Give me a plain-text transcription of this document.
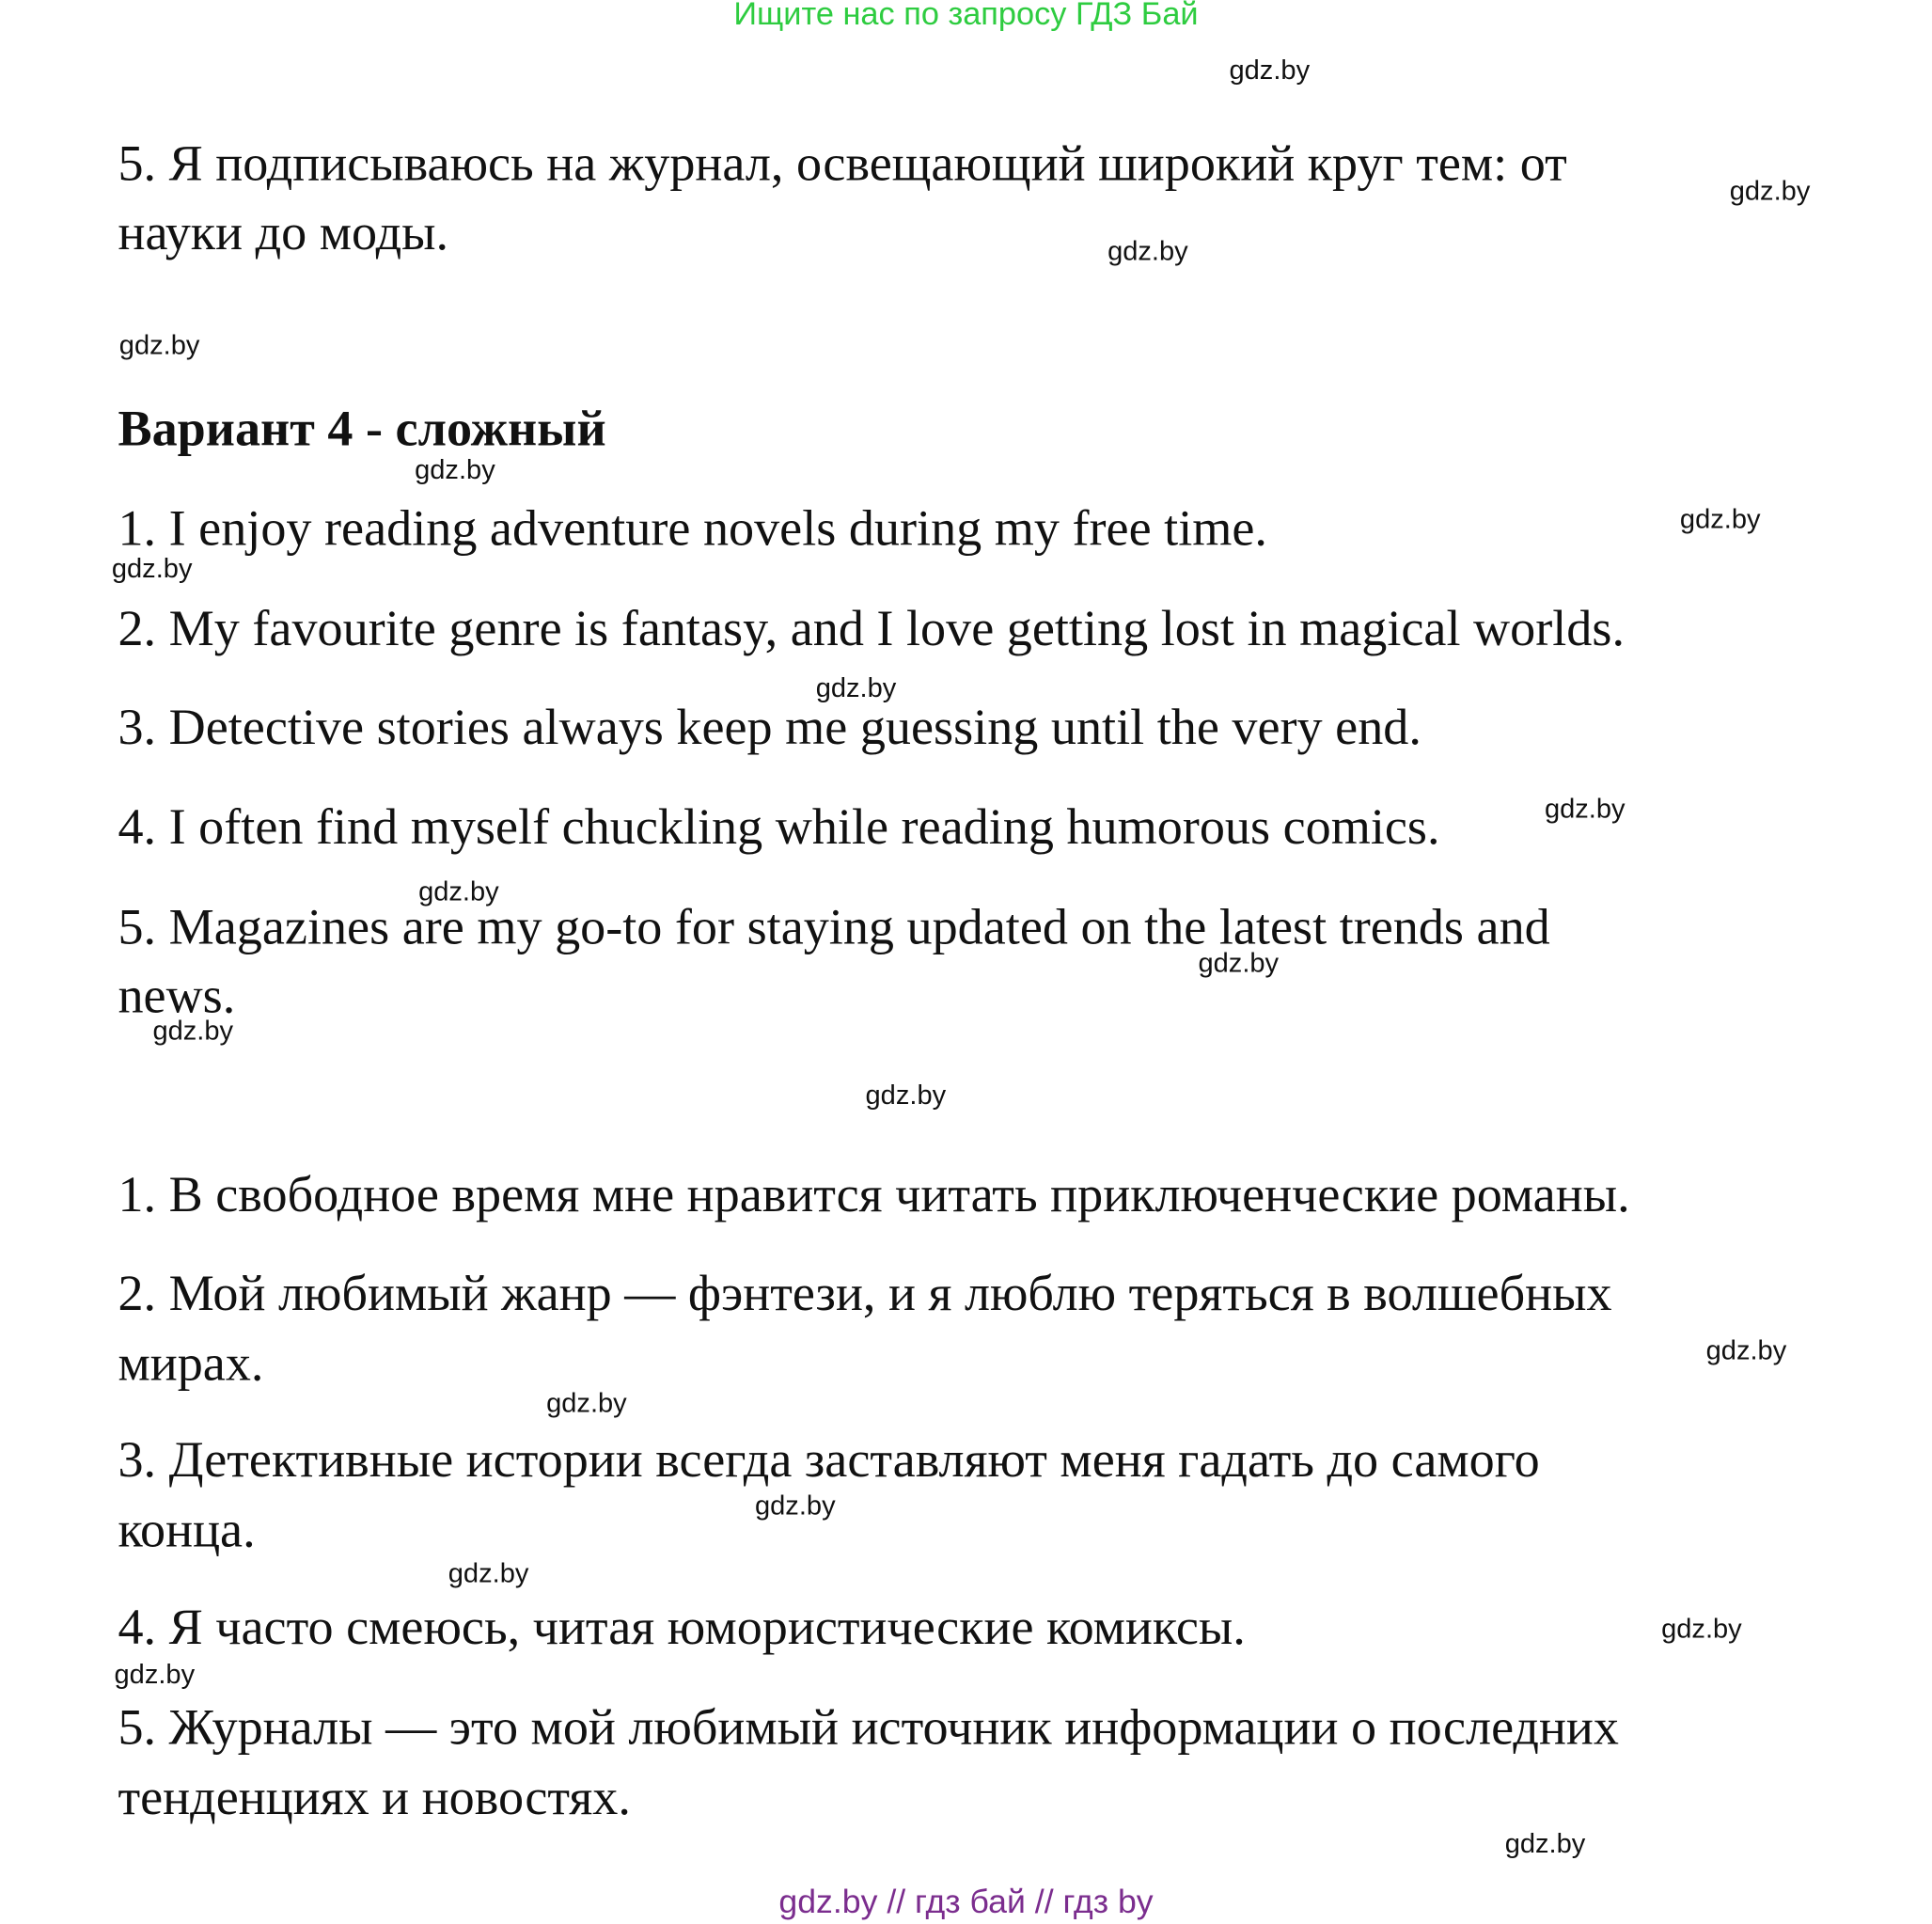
Ищите нас по запросу ГДЗ Бай
5. Я подписываюсь на журнал, освещающий широкий круг тем: от
науки до моды.
Вариант 4 - сложный
1. I enjoy reading adventure novels during my free time.
2. My favourite genre is fantasy, and I love getting lost in magical worlds.
3. Detective stories always keep me guessing until the very end.
4. I often find myself chuckling while reading humorous comics.
5. Magazines are my go-to for staying updated on the latest trends and
news.
1. В свободное время мне нравится читать приключенческие романы.
2. Мой любимый жанр — фэнтези, и я люблю теряться в волшебных
мирах.
3. Детективные истории всегда заставляют меня гадать до самого
конца.
4. Я часто смеюсь, читая юмористические комиксы.
5. Журналы — это мой любимый источник информации о последних
тенденциях и новостях.
gdz.by
gdz.by
gdz.by
gdz.by
gdz.by
gdz.by
gdz.by
gdz.by
gdz.by
gdz.by
gdz.by
gdz.by
gdz.by
gdz.by
gdz.by
gdz.by
gdz.by
gdz.by
gdz.by
gdz.by
gdz.by // гдз бай // гдз by
